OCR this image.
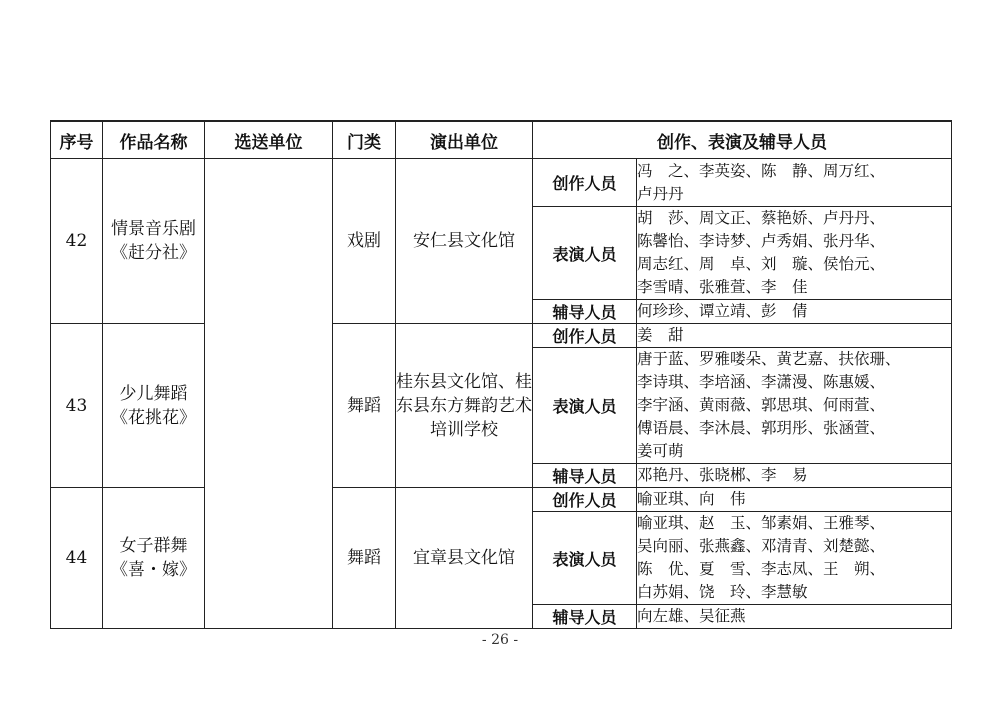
序号	作品名称	选送单位	门类	演出单位	创作、表演及辅导人员	
42	情景音乐剧《赶分社》		戏剧	安仁县文化馆	创作人员	冯　之、李英姿、陈　静、周万红、
卢丹丹

					表演人员	胡　莎、周文正、蔡艳娇、卢丹丹、
陈馨怡、李诗梦、卢秀娟、张丹华、
周志红、周　卓、刘　璇、侯怡元、
李雪晴、张雅萱、李　佳

					辅导人员	何珍珍、谭立靖、彭　倩

43	少儿舞蹈《花挑花》		舞蹈	桂东县文化馆、桂东县东方舞韵艺术培训学校	创作人员	姜　甜

					表演人员	唐于蓝、罗雅喽朵、黄艺嘉、扶依珊、
李诗琪、李培涵、李潇漫、陈惠媛、
李宇涵、黄雨薇、郭思琪、何雨萱、
傅语晨、李沐晨、郭玥彤、张涵萱、
姜可萌

					辅导人员	邓艳丹、张晓郴、李　易

44	女子群舞《喜・嫁》		舞蹈	宜章县文化馆	创作人员	喻亚琪、向　伟

					表演人员	喻亚琪、赵　玉、邹素娟、王雅琴、
吴向丽、张燕鑫、邓清青、刘楚懿、
陈　优、夏　雪、李志凤、王　朔、
白苏娟、饶　玲、李慧敏

					辅导人员	向左雄、吴征燕
- 26 -
